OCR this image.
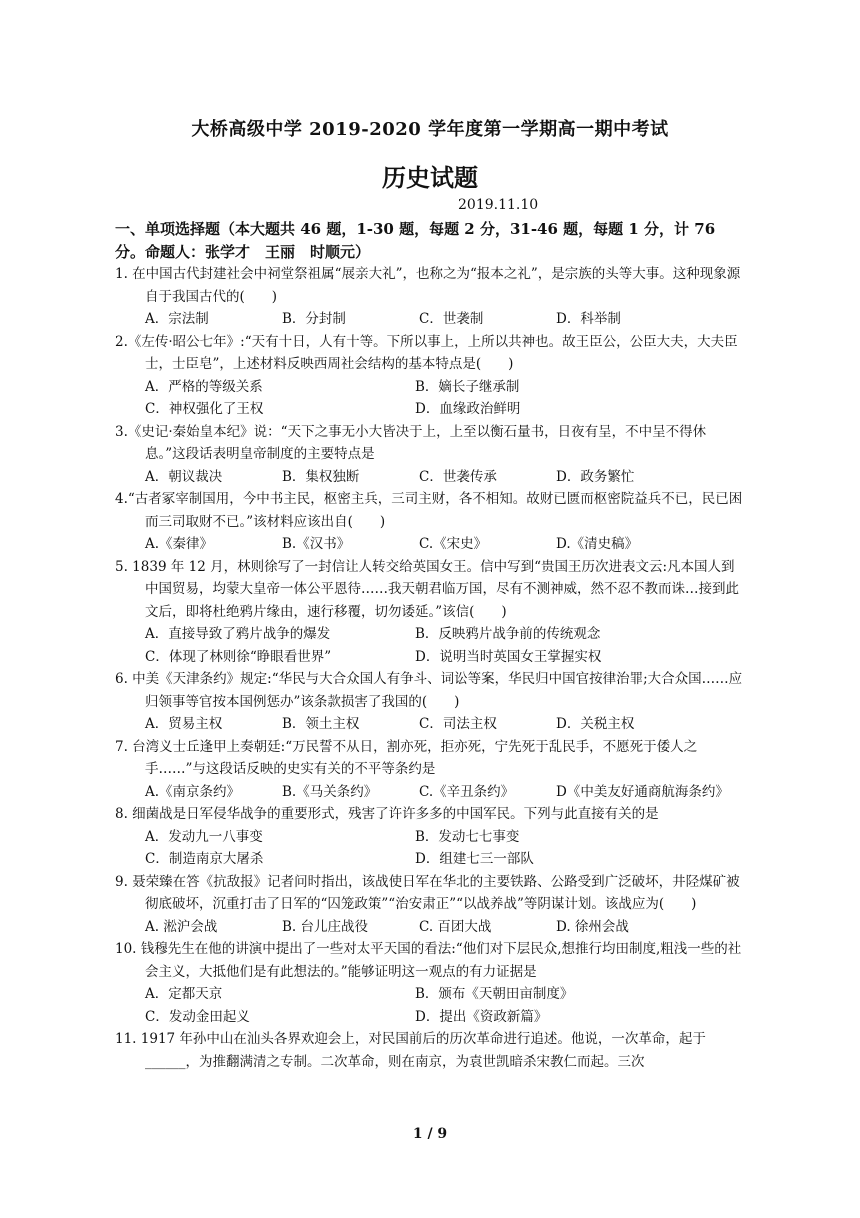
大桥高级中学 2019-2020 学年度第一学期高一期中考试
历史试题
2019.11.10

一、单项选择题（本大题共 46 题，1-30 题，每题 2 分，31-46 题，每题 1 分，计 76 分。命题人：张学才　王丽　时顺元）

1. 在中国古代封建社会中祠堂祭祖属“展亲大礼”，也称之为“报本之礼”，是宗族的头等大事。这种现象源自于我国古代的(　　)

A．宗法制	B．分封制	C．世袭制	D．科举制

2.《左传·昭公七年》:“天有十日，人有十等。下所以事上，上所以共神也。故王臣公，公臣大夫，大夫臣士，士臣皂”，上述材料反映西周社会结构的基本特点是(　　)

A．严格的等级关系	B．嫡长子继承制
C．神权强化了王权	D．血缘政治鲜明

3.《史记·秦始皇本纪》说：“天下之事无小大皆决于上，上至以衡石量书，日夜有呈，不中呈不得休息。”这段话表明皇帝制度的主要特点是

A．朝议裁决	B．集权独断	C．世袭传承	D．政务繁忙

4.“古者冢宰制国用，今中书主民，枢密主兵，三司主财，各不相知。故财已匮而枢密院益兵不已，民已困而三司取财不已。”该材料应该出自(　　)

A.《秦律》	B.《汉书》	C.《宋史》	D.《清史稿》

5. 1839 年 12 月，林则徐写了一封信让人转交给英国女王。信中写到“贵国王历次进表文云:凡本国人到中国贸易，均蒙大皇帝一体公平恩待……我天朝君临万国，尽有不测神威，然不忍不教而诛…接到此文后，即将杜绝鸦片缘由，速行移覆，切勿诿延。”该信(　　)

A．直接导致了鸦片战争的爆发	B．反映鸦片战争前的传统观念
C．体现了林则徐“睁眼看世界”	D．说明当时英国女王掌握实权

6. 中美《天津条约》规定:“华民与大合众国人有争斗、词讼等案，华民归中国官按律治罪;大合众国……应归领事等官按本国例惩办”该条款损害了我国的(　　)

A．贸易主权	B．领土主权	C．司法主权	D．关税主权

7. 台湾义士丘逢甲上奏朝廷:“万民誓不从日，割亦死，拒亦死，宁先死于乱民手，不愿死于倭人之手……”与这段话反映的史实有关的不平等条约是

A.《南京条约》	B.《马关条约》	C.《辛丑条约》	D《中美友好通商航海条约》

8. 细菌战是日军侵华战争的重要形式，残害了许许多多的中国军民。下列与此直接有关的是

A．发动九一八事变	B．发动七七事变
C．制造南京大屠杀	D．组建七三一部队

9. 聂荣臻在答《抗敌报》记者问时指出，该战使日军在华北的主要铁路、公路受到广泛破坏，井陉煤矿被彻底破坏，沉重打击了日军的“囚笼政策”“治安肃正”“以战养战”等阴谋计划。该战应为(　　)

A. 淞沪会战	B. 台儿庄战役	C. 百团大战	D. 徐州会战

10. 钱穆先生在他的讲演中提出了一些对太平天国的看法:“他们对下层民众,想推行均田制度,粗浅一些的社会主义，大抵他们是有此想法的。”能够证明这一观点的有力证据是

A．定都天京	B．颁布《天朝田亩制度》
C．发动金田起义	D．提出《资政新篇》

11. 1917 年孙中山在汕头各界欢迎会上，对民国前后的历次革命进行追述。他说，一次革命，起于______，为推翻满清之专制。二次革命，则在南京，为袁世凯暗杀宋教仁而起。三次

1 / 9
